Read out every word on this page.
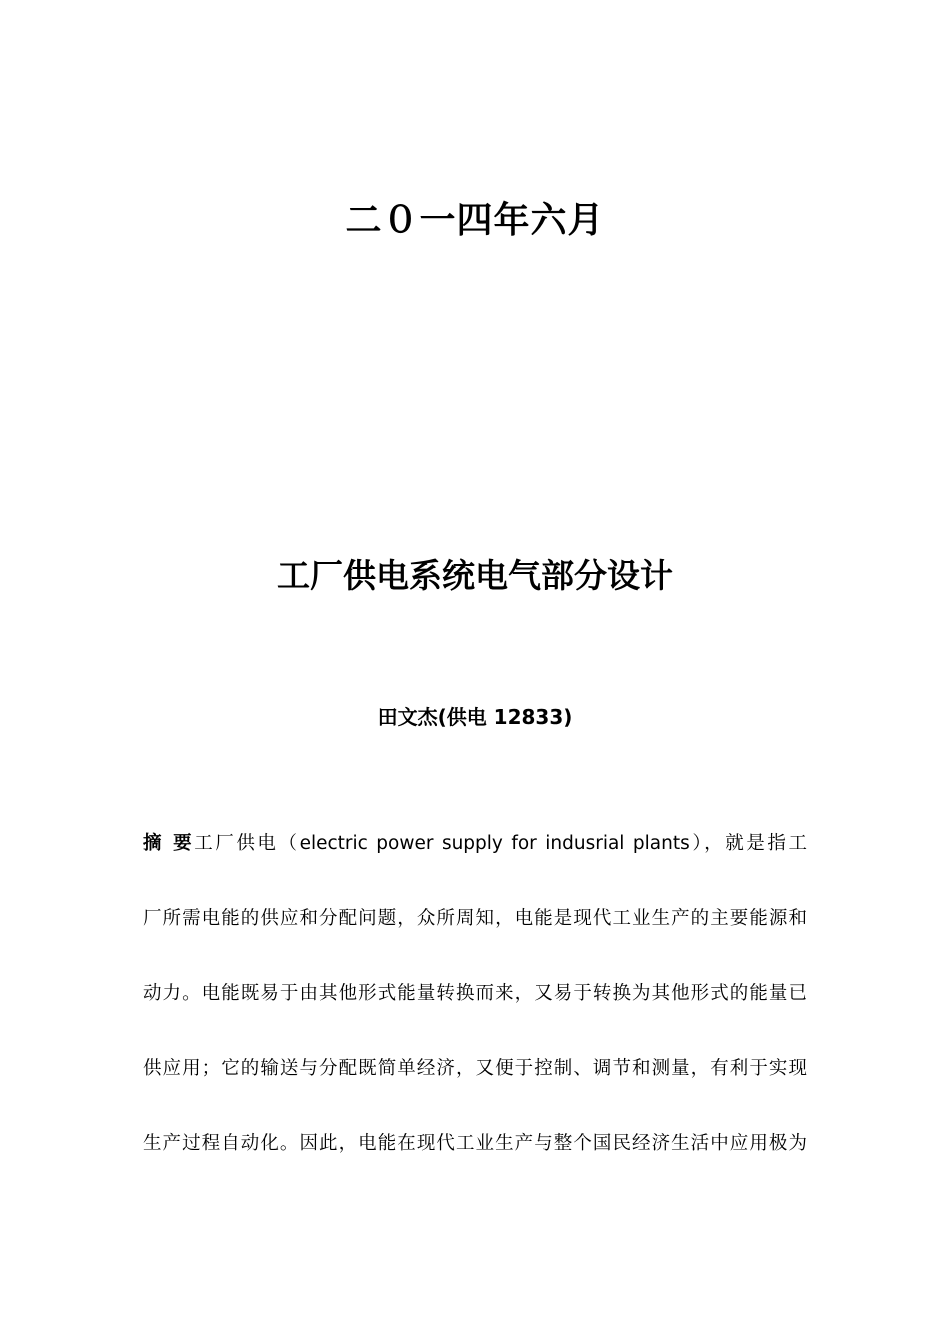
二０一四年六月
工厂供电系统电气部分设计

田文杰(供电 12833)

摘 要工厂供电（electric power supply for indusrial plants），就是指工
厂所需电能的供应和分配问题，众所周知，电能是现代工业生产的主要能源和
动力。电能既易于由其他形式能量转换而来，又易于转换为其他形式的能量已
供应用；它的输送与分配既简单经济，又便于控制、调节和测量，有利于实现
生产过程自动化。因此，电能在现代工业生产与整个国民经济生活中应用极为
